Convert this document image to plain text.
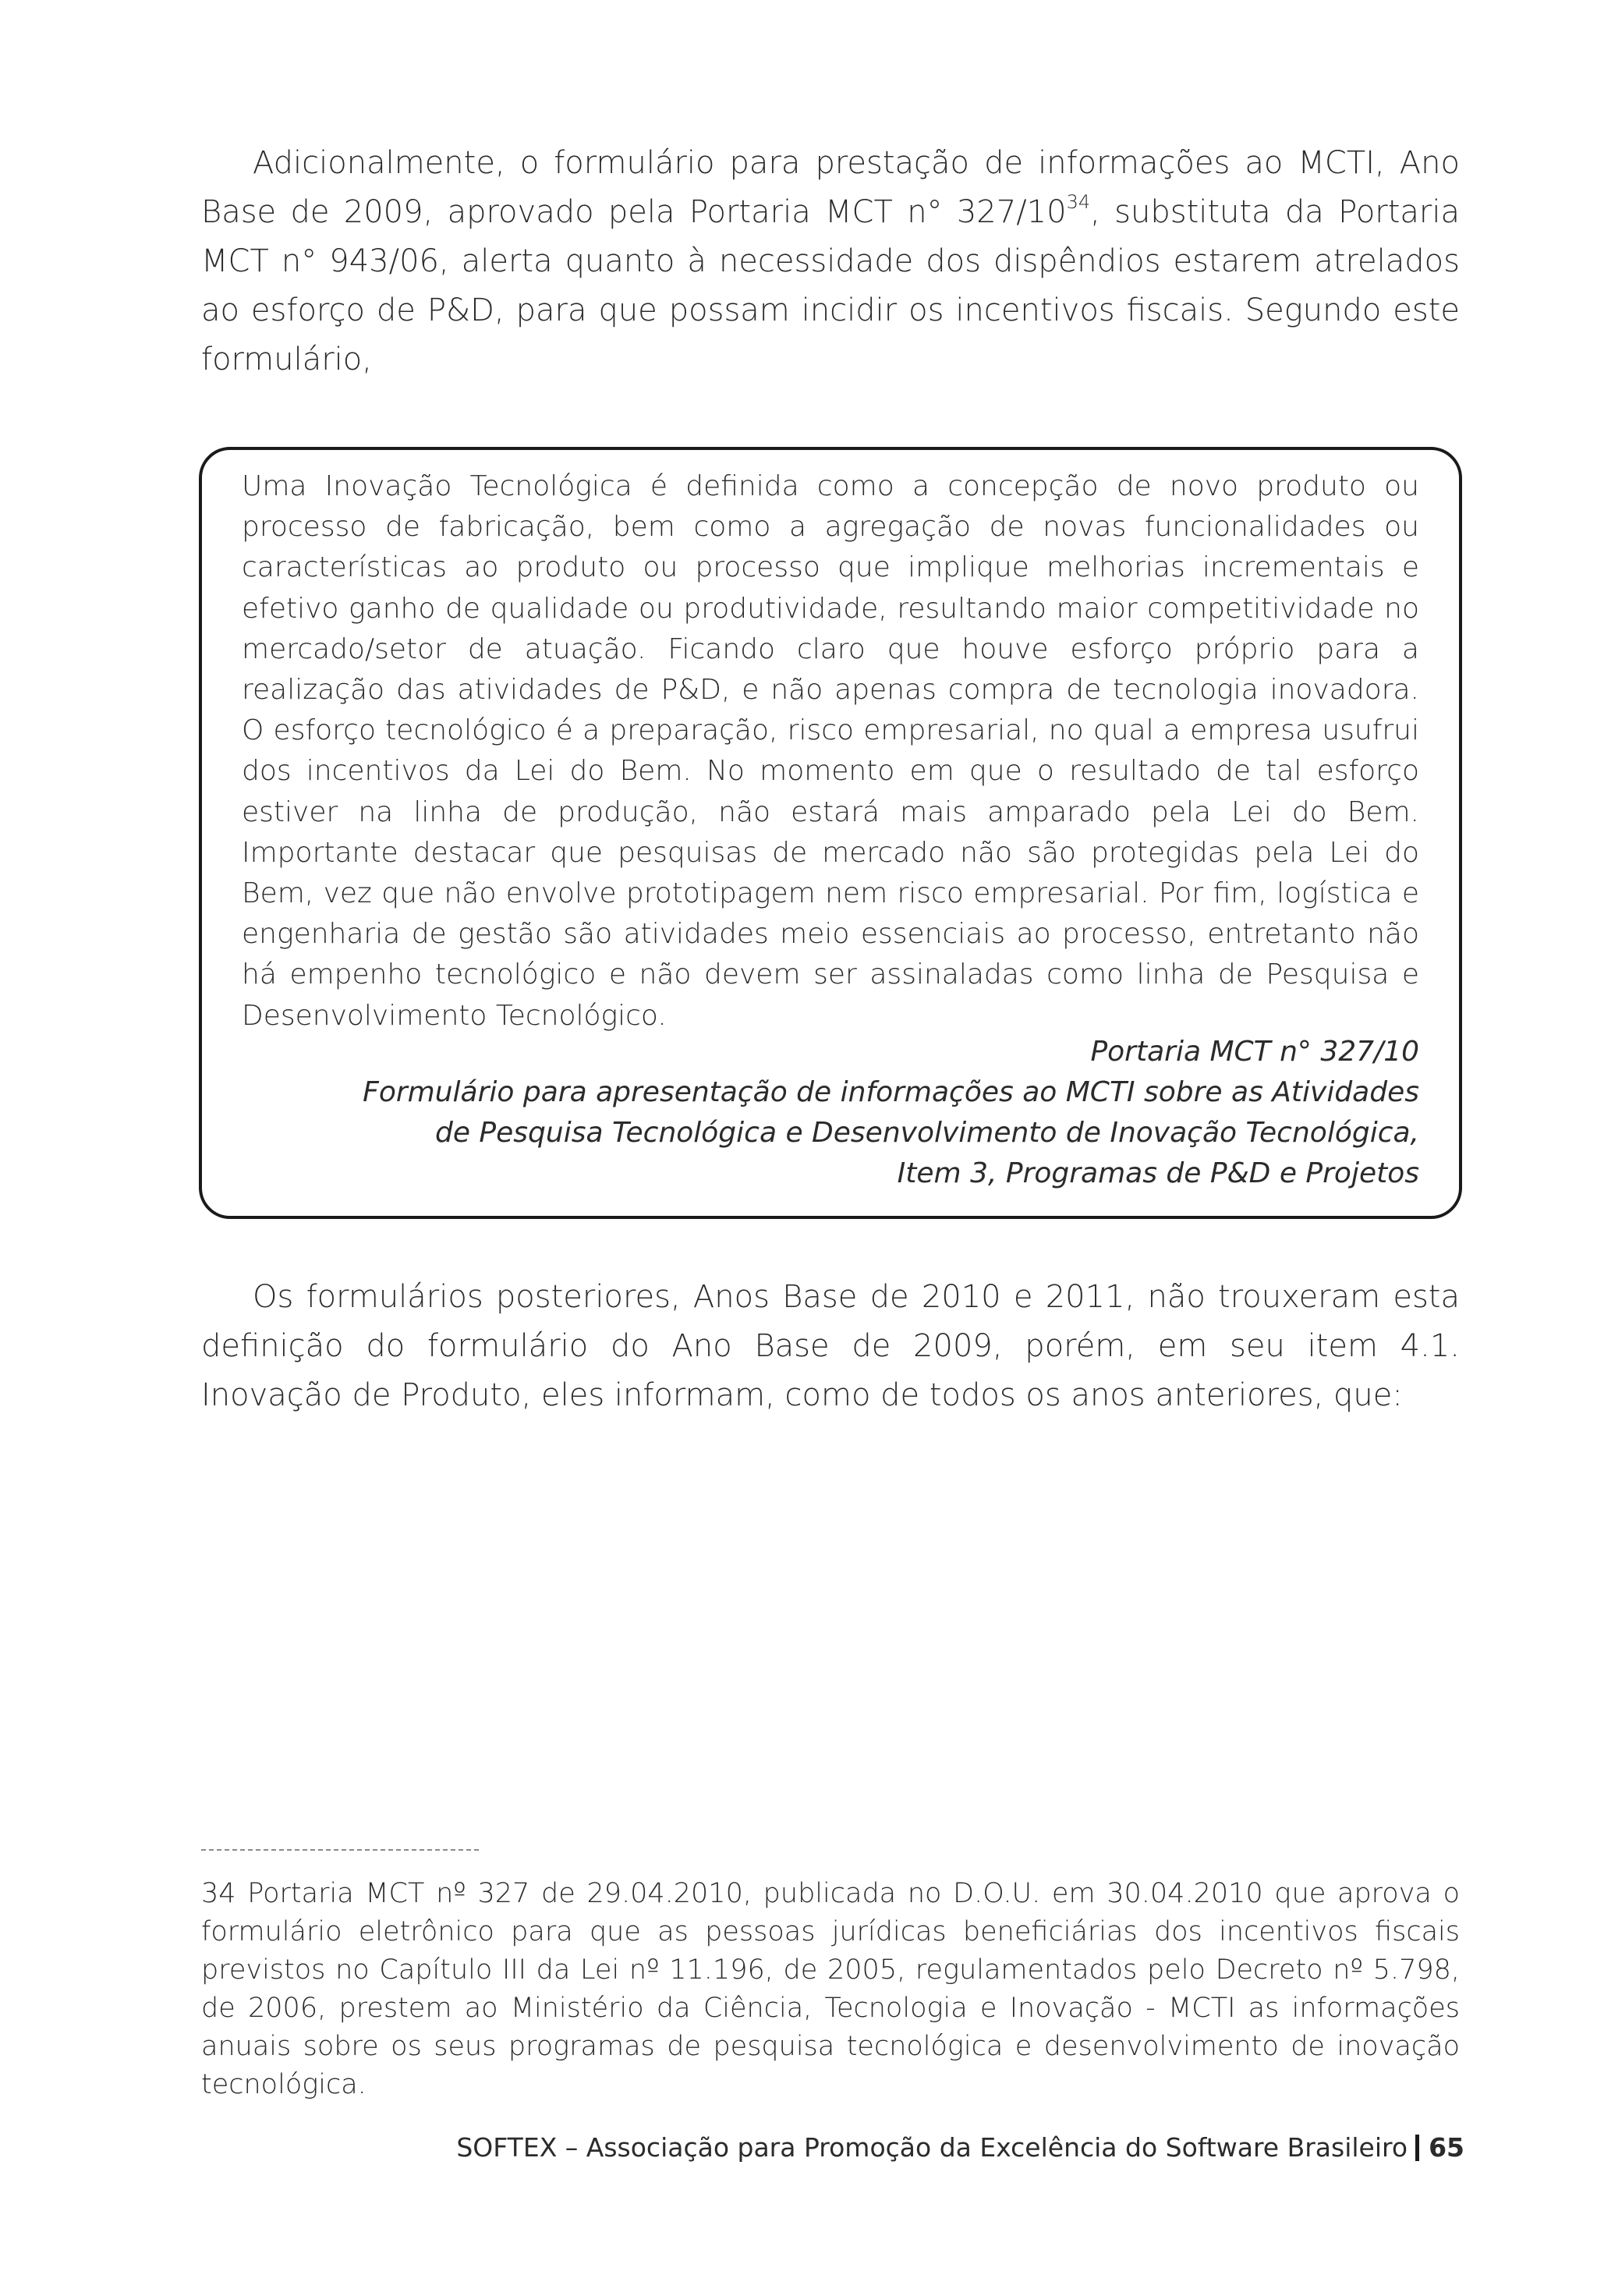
Adicionalmente, o formulário para prestação de informações ao MCTI, Ano Base de 2009, aprovado pela Portaria MCT n° $327/10^{34}$, substituta da Portaria MCT n° 943/06, alerta quanto à necessidade dos dispêndios estarem atrelados ao esforço de P&D, para que possam incidir os incentivos fiscais. Segundo este formulário,

Uma Inovação Tecnológica é definida como a concepção de novo produto ou processo de fabricação, bem como a agregação de novas funcionalidades ou características ao produto ou processo que implique melhorias incrementais e efetivo ganho de qualidade ou produtividade, resultando maior competitividade no mercado/setor de atuação. Ficando claro que houve esforço próprio para a realização das atividades de P&D, e não apenas compra de tecnologia inovadora. O esforço tecnológico é a preparação, risco empresarial, no qual a empresa usufrui dos incentivos da Lei do Bem. No momento em que o resultado de tal esforço estiver na linha de produção, não estará mais amparado pela Lei do Bem. Importante destacar que pesquisas de mercado não são protegidas pela Lei do Bem, vez que não envolve prototipagem nem risco empresarial. Por fim, logística e engenharia de gestão são atividades meio essenciais ao processo, entretanto não há empenho tecnológico e não devem ser assinaladas como linha de Pesquisa e Desenvolvimento Tecnológico.

Portaria MCT n° 327/10
Formulário para apresentação de informações ao MCTI sobre as Atividades
de Pesquisa Tecnológica e Desenvolvimento de Inovação Tecnológica,
Item 3, Programas de P&D e Projetos

Os formulários posteriores, Anos Base de 2010 e 2011, não trouxeram esta definição do formulário do Ano Base de 2009, porém, em seu item 4.1. Inovação de Produto, eles informam, como de todos os anos anteriores, que:

34 Portaria MCT nº 327 de 29.04.2010, publicada no D.O.U. em 30.04.2010 que aprova o formulário eletrônico para que as pessoas jurídicas beneficiárias dos incentivos fiscais previstos no Capítulo III da Lei nº 11.196, de 2005, regulamentados pelo Decreto nº 5.798, de 2006, prestem ao Ministério da Ciência, Tecnologia e Inovação - MCTI as informações anuais sobre os seus programas de pesquisa tecnológica e desenvolvimento de inovação tecnológica.

SOFTEX – Associação para Promoção da Excelência do Software Brasileiro 65
